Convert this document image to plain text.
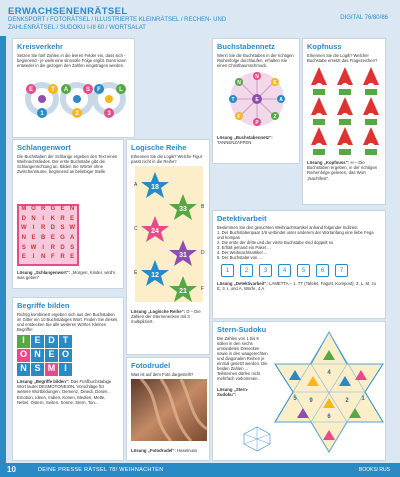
ERWACHSENENRÄTSEL
DENKSPORT / FOTORÄTSEL / ILLUSTRIERTE KLEINRÄTSEL / RECHEN- UND ZAHLENRÄTSEL / SUDOKU I-III 60 / WORTSALAT
DIGITAL 76/80/86
Kreisverkehr

Setzen Sie fünf Zahlen in die leeren Felder ein, dass sich - beginnend - je weils eine sinnvolle Folge ergibt. Dann kann entweder in die gezogen den Zahlen eingetragen werden.

E	T
1
A	S
2
F	L
3
Buchstabennetz

Wenn Sie die Buchstaben in der richtigen Reihenfolge durchlaufen, erhalten Sie einen Christbaumschmuck.

N
E
A
Z
P
F
T
N
E
Lösung „Buchstabennetz“: TANNENZAPFEN
Kopfnuss

Erkennen Sie die Logik? Welcher Buchstabe ersetzt das Fragezeichen?

Lösung „Kopfnuss“: H – Die Buchstaben ergeben, in der richtigen Reihenfolge gelesen, das Wort „Nachtfest“.
Schlangenwort

Die Buchstaben der Schlange ergeben den Text eines Weihnachtsliedes. Der erste Buchstabe gibt die Schlangenrichtung an. Bilden Sie Wörter ohne Zwischenräume, beginnend an beliebiger Stelle.

M O R G E N
D N	I	K R E
W	I	R D S W
N E B E G A
S W	I	R D S
E	I	N F R E
Lösung „Schlangenwort“: „Morgen, Kinder, wird's was geben“
Logische Reihe

Erkennen Sie die Logik? Welche Figur passt nicht in die Reihe?

18
33
24
31
12
21
A
B
C
D
E
F
Lösung „Logische Reihe“: D – Die Zahlen der Sternenecken mit 3 multipliziert.
Detektivarbeit

Bestimmen Sie den gesuchten Weihnachtsartikel anhand folgender Indizien:

1. Der Buchstabenpaar 1/6 verbindet unter anderem der Wortanfang eine liebe Fega und kompas

2. Die erste der dritte und der vierte Buchstabe sind doppelt so

3. Erhält jemand ein Paket ...

4. Der Weihnachtsartikel ...

5. Der Buchstabe von ...

1	2	3	4	5	6	7
Lösung „Detektivarbeit“: LAMETTA – 1. TT (Tafelet, Fagott, Kompost), 3. L, M, zu E, 3. I, und A, Würfe, 4.A
Begriffe bilden

Richtig kombiniert ergeben sich aus den Buchstaben im Gitter ein 10 Buchstabiges Wort. Finden Sie dieses und entdecken Sie alle weiteren Wörter. Kleines Begriffe!

I	E D T
O N E O
N S M I
Lösung „Begriffe bilden“: Das Fünfbuchstabige Wort lautet DESMOTONEION. Vorschläge für weitere Wortbildungen: Demenz, Dinedi, Dosen, Emotion, Ideen, Indien, Konen, Medien, Mette, Nebel, Ostern, Seiten, Sonne, Stern, Ton...
Fotodrudel

Was ist auf dem Foto dargestellt?

Lösung „Fotodrudel“: Haselnuss
Stern-Sudoku

Die Zahlen von 1 bis 9 sollen in den sechs umrandeten Dreiecken sowie in den waagerechten und diagonalen Reihen je einmal gesetzt werden. Die beiden Zahlen ... Teilsternen dürfen nicht mehrfach vorkommen.

Lösung „Stern-Sudoku“:
4
9	2
6
1
5
10	DEINE PRESSE RÄTSEL 78/ WEIHNACHTEN	BOOKS/ RUS
